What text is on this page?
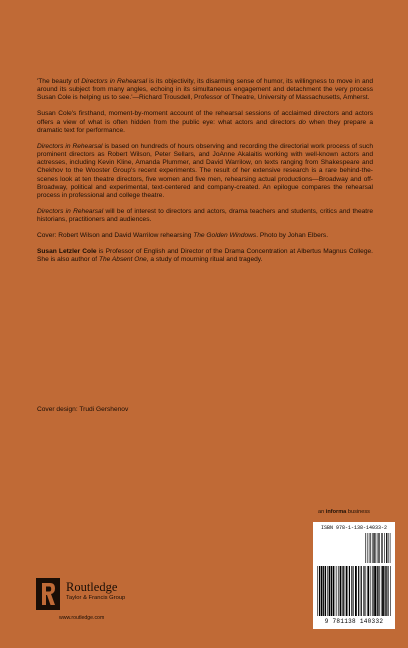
'The beauty of Directors in Rehearsal is its objectivity, its disarming sense of humor, its willingness to move in and around its subject from many angles, echoing in its simultaneous engagement and detachment the very process Susan Cole is helping us to see.'—Richard Trousdell, Professor of Theatre, University of Massachusetts, Amherst.

Susan Cole's firsthand, moment-by-moment account of the rehearsal sessions of acclaimed directors and actors offers a view of what is often hidden from the public eye: what actors and directors do when they prepare a dramatic text for performance.

Directors in Rehearsal is based on hundreds of hours observing and recording the directorial work process of such prominent directors as Robert Wilson, Peter Sellars, and JoAnne Akalaitis working with well-known actors and actresses, including Kevin Kline, Amanda Plummer, and David Warrilow, on texts ranging from Shakespeare and Chekhov to the Wooster Group's recent experiments. The result of her extensive research is a rare behind-the-scenes look at ten theatre directors, five women and five men, rehearsing actual productions—Broadway and off-Broadway, political and experimental, text-centered and company-created. An epilogue compares the rehearsal process in professional and college theatre.

Directors in Rehearsal will be of interest to directors and actors, drama teachers and students, critics and theatre historians, practitioners and audiences.

Cover: Robert Wilson and David Warrilow rehearsing The Golden Windows. Photo by Johan Elbers.

Susan Letzler Cole is Professor of English and Director of the Drama Concentration at Albertus Magnus College. She is also author of The Absent One, a study of mourning ritual and tragedy.

Cover design: Trudi Gershenov
an informa business
ISBN 978-1-138-14033-2
9 781138 140332
Routledge
Taylor & Francis Group
www.routledge.com
